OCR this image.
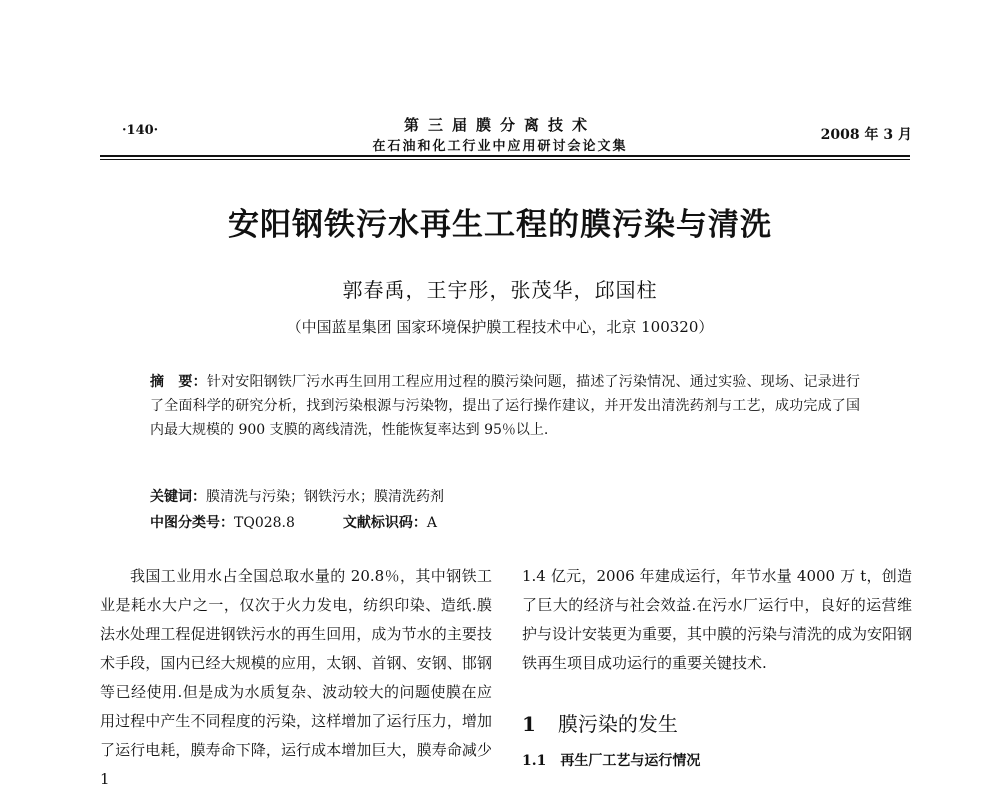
·140·	第三届膜分离技术
在石油和化工行业中应用研讨会论文集
2008 年 3 月
安阳钢铁污水再生工程的膜污染与清洗
郭春禹，王宇彤，张茂华，邱国柱
（中国蓝星集团 国家环境保护膜工程技术中心，北京 100320）
摘　要：针对安阳钢铁厂污水再生回用工程应用过程的膜污染问题，描述了污染情况、通过实验、现场、记录进行了全面科学的研究分析，找到污染根源与污染物，提出了运行操作建议，并开发出清洗药剂与工艺，成功完成了国内最大规模的 900 支膜的离线清洗，性能恢复率达到 95％以上.
关键词：膜清洗与污染；钢铁污水；膜清洗药剂
中图分类号：TQ028.8	文献标识码：A
我国工业用水占全国总取水量的 20.8％，其中钢铁工业是耗水大户之一，仅次于火力发电，纺织印染、造纸.膜法水处理工程促进钢铁污水的再生回用，成为节水的主要技术手段，国内已经大规模的应用，太钢、首钢、安钢、邯钢等已经使用.但是成为水质复杂、波动较大的问题使膜在应用过程中产生不同程度的污染，这样增加了运行压力，增加了运行电耗，膜寿命下降，运行成本增加巨大，膜寿命减少 1
1.4 亿元，2006 年建成运行，年节水量 4000 万 t，创造了巨大的经济与社会效益.在污水厂运行中，良好的运营维护与设计安装更为重要，其中膜的污染与清洗的成为安阳钢铁再生项目成功运行的重要关键技术.
1 膜污染的发生
1.1　再生厂工艺与运行情况
